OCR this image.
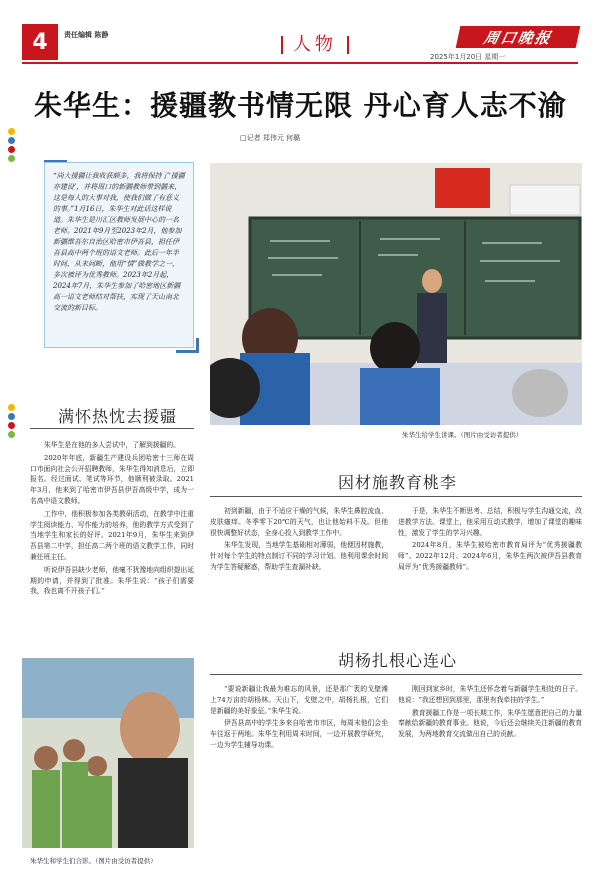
4	责任编辑 陈静	人物	周口晚报
2025年1月20日 星期一
朱华生：援疆教书情无限 丹心育人志不渝
□记者 郑伟元 何璐
“尚大援疆让我收获颇多，我将保持了‘援疆亦建设’，并将周口的新疆教师带到疆来，这是每人的大事对我，使我们做了有意义的事。”1月16日，朱华生对此话这样说道。朱华生是川汇区教师发展中心的一名老师。2021年9月至2023年2月，他参加新疆维吾尔自治区哈密市伊吾县，担任伊吾县高中两个班的语文老师。此后一年半时间，从未间断，他用“情”做教学之一，多次被评为优秀教师。2023年2月起，2024年7月，朱华生参加了哈密地区新疆高一语文老师结对帮扶，实现了天山南北交流的新目标。
朱华生给学生讲课。（图片由受访者提供）
满怀热忱去援疆

朱华生是在他的多人尝试中，了解到援疆的。

2020年年底，新疆生产建设兵团哈密十三师在周口市面向社会公开招聘教师，朱华生得知消息后，立即报名。经过面试、笔试等环节，他顺利被录取。2021年3月，他来到了哈密市伊吾县伊吾高级中学，成为一名高中语文教师。

工作中，他积极参加各类教研活动，在教学中注重学生阅读能力、写作能力的培养，他的教学方式受到了当地学生和家长的好评。2021年9月，朱华生来到伊吾县第二中学，担任高二两个班的语文教学工作，同时兼任班主任。

听说伊吾县缺少老师，他毫不犹豫地向组织提出延期的申请，并得到了批准。朱华生说：“孩子们需要我，我也离不开孩子们。”

因材施教育桃李

初到新疆，由于不适应干燥的气候，朱华生鼻腔流血、皮肤瘙痒。冬季零下20℃的天气，也让他始料不及。但他很快调整好状态，全身心投入到教学工作中。

朱华生发现，当地学生基础相对薄弱，他便因材施教，针对每个学生的特点制订不同的学习计划。他利用课余时间为学生答疑解惑，帮助学生查漏补缺。

于是，朱华生不断思考、总结，积极与学生沟通交流，改进教学方法。课堂上，他采用互动式教学，增加了课堂的趣味性，激发了学生的学习兴趣。

2024年8月，朱华生被哈密市教育局评为“优秀援疆教师”。2022年12月、2024年6月，朱华生两次被伊吾县教育局评为“优秀援疆教师”。

胡杨扎根心连心

“要说新疆让我最为难忘的风景，还是那广袤的戈壁滩上74万亩的胡杨林。天山下，戈壁之中，胡杨扎根，它们是新疆的美好象征。”朱华生说。

伊吾县高中的学生多来自哈密市市区，每周末他们会坐车往返于两地。朱华生利用周末时间，一边开展教学研究，一边为学生辅导功课。

刚回到家乡时，朱华生还怀念着与新疆学生相处的日子。他说：“我还想回到那里，那里有我牵挂的学生。”

教育援疆工作是一项长期工作，朱华生愿意把自己的力量奉献给新疆的教育事业。他说，今后还会继续关注新疆的教育发展，为两地教育交流做出自己的贡献。

朱华生和学生们合影。（图片由受访者提供）
